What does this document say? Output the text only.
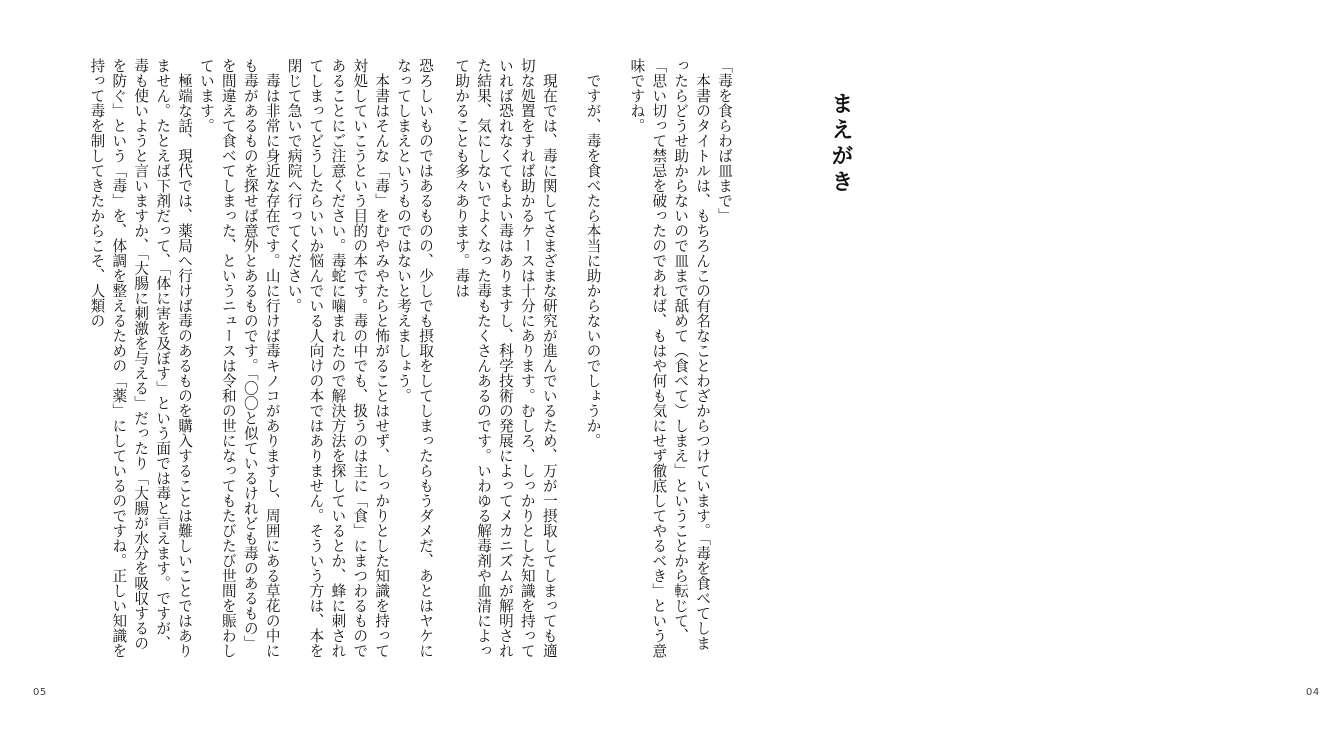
恐ろしいものではあるものの、少しでも摂取をしてしまったらもうダメだ、あとはヤケになってしまえというものではないと考えましょう。

本書はそんな「毒」をむやみやたらと怖がることはせず、しっかりとした知識を持って対処していこうという目的の本です。毒の中でも、扱うのは主に「食」にまつわるものであることにご注意ください。毒蛇に噛まれたので解決方法を探しているとか、蜂に刺されてしまってどうしたらいいか悩んでいる人向けの本ではありません。そういう方は、本を閉じて急いで病院へ行ってください。

毒は非常に身近な存在です。山に行けば毒キノコがありますし、周囲にある草花の中にも毒があるものを探せば意外とあるものです。「〇〇と似ているけれども毒のあるもの」を間違えて食べてしまった、というニュースは令和の世になってもたびたび世間を賑わしています。

極端な話、現代では、薬局へ行けば毒のあるものを購入することは難しいことではありません。たとえば下剤だって、「体に害を及ぼす」という面では毒と言えます。ですが、毒も使いようと言いますか、「大腸に刺激を与える」だったり「大腸が水分を吸収するのを防ぐ」という「毒」を、体調を整えるための「薬」にしているのですね。正しい知識を持って毒を制してきたからこそ、人類の

05
まえがき

「毒を食らわば皿まで」

本書のタイトルは、もちろんこの有名なことわざからつけています。「毒を食べてしまったらどうせ助からないので皿まで舐めて（食べて）しまえ」ということから転じて、「思い切って禁忌を破ったのであれば、もはや何も気にせず徹底してやるべき」という意味ですね。

ですが、毒を食べたら本当に助からないのでしょうか。

現在では、毒に関してさまざまな研究が進んでいるため、万が一摂取してしまっても適切な処置をすれば助かるケースは十分にあります。むしろ、しっかりとした知識を持っていれば恐れなくてもよい毒はありますし、科学技術の発展によってメカニズムが解明された結果、気にしないでよくなった毒もたくさんあるのです。いわゆる解毒剤や血清によって助かることも多々あります。毒は

04
